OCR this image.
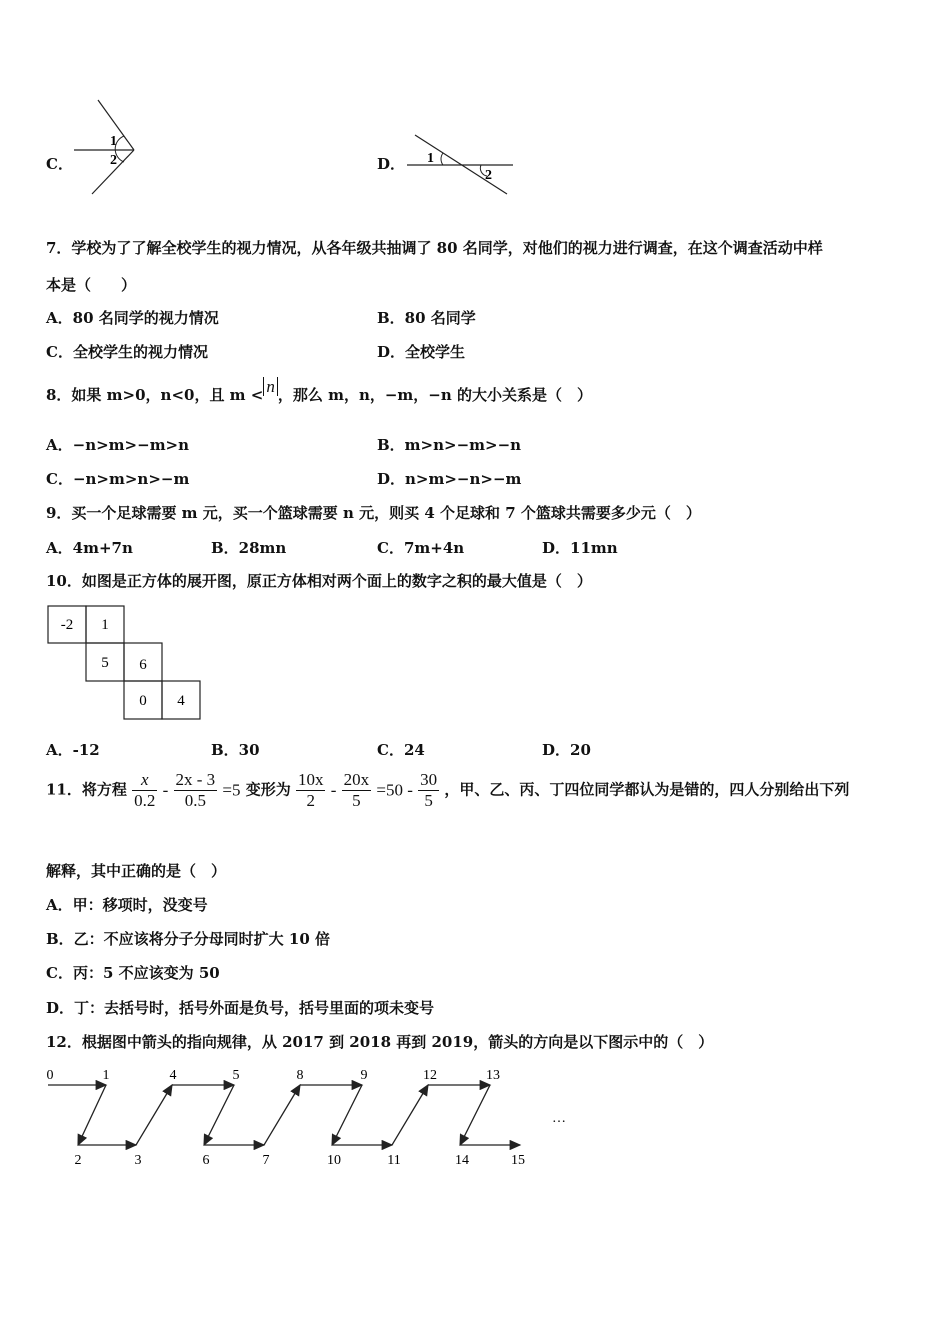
C．
1
2	D． 1
2
7．学校为了了解全校学生的视力情况，从各年级共抽调了 80 名同学，对他们的视力进行调查，在这个调查活动中样
本是（　　）
A．80 名同学的视力情况	B．80 名同学
C．全校学生的视力情况	D．全校学生
8．如果 m>0，n<0，且 m < n ，那么 m，n，−m，−n 的大小关系是（　）
A．−n>m>−m>n	B．m>n>−m>−n
C．−n>m>n>−m	D．n>m>−n>−m
9．买一个足球需要 m 元，买一个篮球需要 n 元，则买 4 个足球和 7 个篮球共需要多少元（　）
A．4m+7n	B．28mn	C．7m+4n	D．11mn
10．如图是正方体的展开图，原正方体相对两个面上的数字之积的最大值是（　）
-2 1
5 6
0 4
A．-12	B．30	C．24	D．20
11．将方程 $\frac{x}{0.2} - \frac{2x - 3}{0.5} =5$ 变形为 $\frac{10x}{2} - \frac{20x}{5} =50 - \frac{30}{5}$ ，甲、乙、丙、丁四位同学都认为是错的，四人分别给出下列
解释，其中正确的是（　）
A．甲：移项时，没变号
B．乙：不应该将分子分母同时扩大 10 倍
C．丙：5 不应该变为 50
D．丁：去括号时，括号外面是负号，括号里面的项未变号
12．根据图中箭头的指向规律，从 2017 到 2018 再到 2019，箭头的方向是以下图示中的（　）
0	1	4	5	8	9	12	13
2	3	6	7	10	11	14	15
…
